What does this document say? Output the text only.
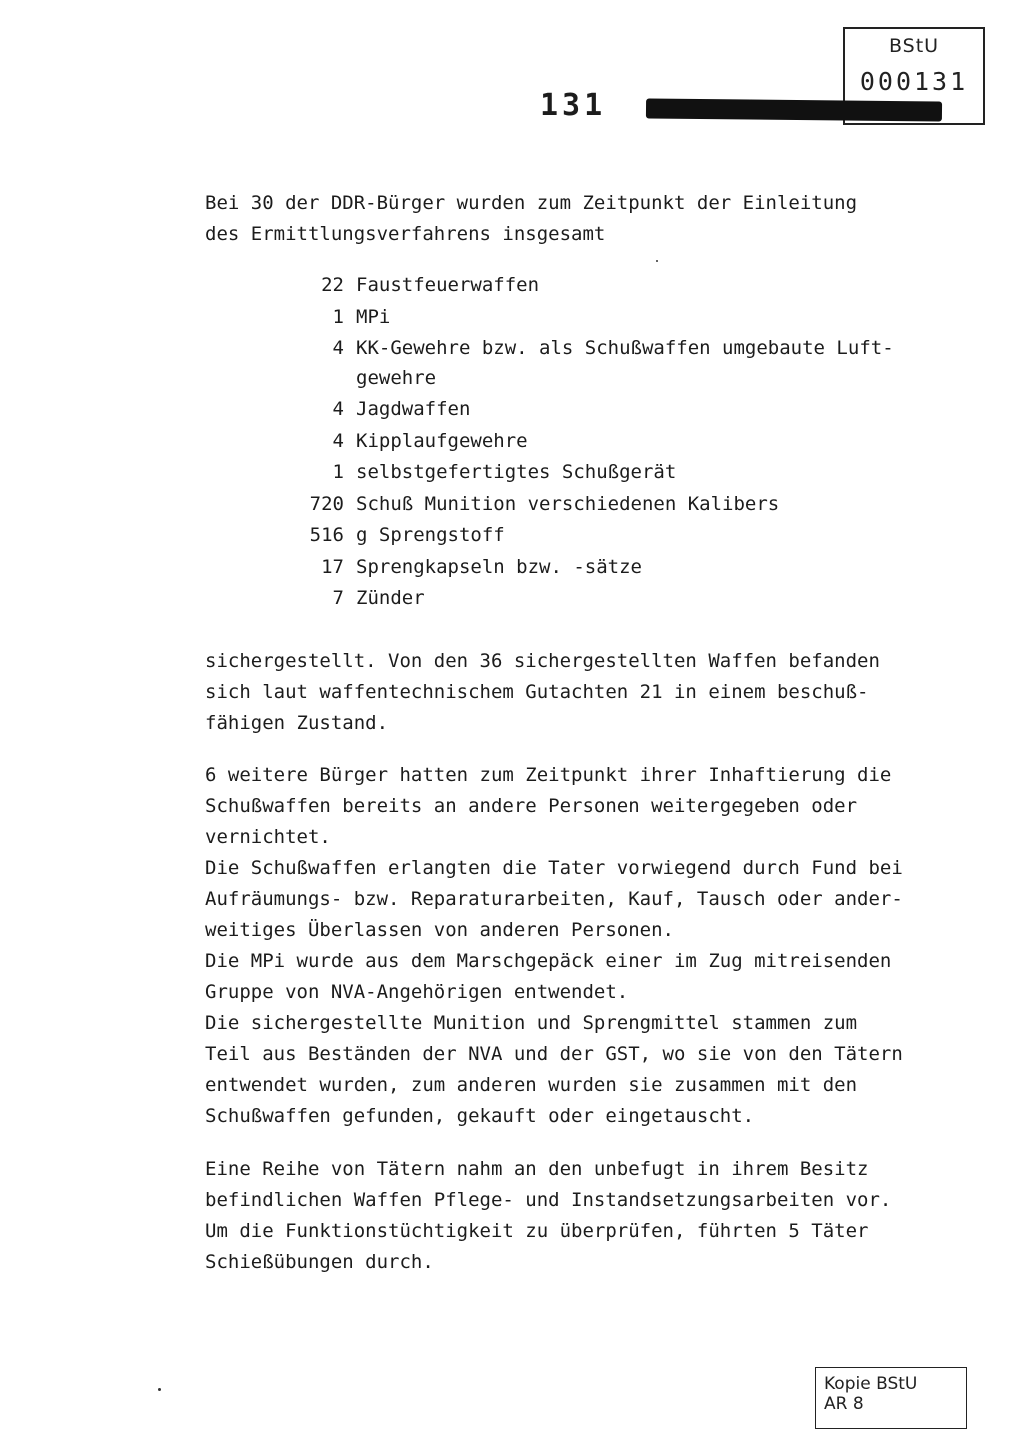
BStU
000131
131
Bei 30 der DDR-Bürger wurden zum Zeitpunkt der Einleitung
des Ermittlungsverfahrens insgesamt
22 Faustfeuerwaffen
1 MPi
4 KK-Gewehre bzw. als Schußwaffen umgebaute Luft-
gewehre
4 Jagdwaffen
4 Kipplaufgewehre
1 selbstgefertigtes Schußgerät
720 Schuß Munition verschiedenen Kalibers
516 g Sprengstoff
17 Sprengkapseln bzw. -sätze
7 Zünder
sichergestellt. Von den 36 sichergestellten Waffen befanden
sich laut waffentechnischem Gutachten 21 in einem beschuß-
fähigen Zustand.
6 weitere Bürger hatten zum Zeitpunkt ihrer Inhaftierung die
Schußwaffen bereits an andere Personen weitergegeben oder
vernichtet.
Die Schußwaffen erlangten die Tater vorwiegend durch Fund bei
Aufräumungs- bzw. Reparaturarbeiten, Kauf, Tausch oder ander-
weitiges Überlassen von anderen Personen.
Die MPi wurde aus dem Marschgepäck einer im Zug mitreisenden
Gruppe von NVA-Angehörigen entwendet.
Die sichergestellte Munition und Sprengmittel stammen zum
Teil aus Beständen der NVA und der GST, wo sie von den Tätern
entwendet wurden, zum anderen wurden sie zusammen mit den
Schußwaffen gefunden, gekauft oder eingetauscht.
Eine Reihe von Tätern nahm an den unbefugt in ihrem Besitz
befindlichen Waffen Pflege- und Instandsetzungsarbeiten vor.
Um die Funktionstüchtigkeit zu überprüfen, führten 5 Täter
Schießübungen durch.
Kopie BStU
AR 8
